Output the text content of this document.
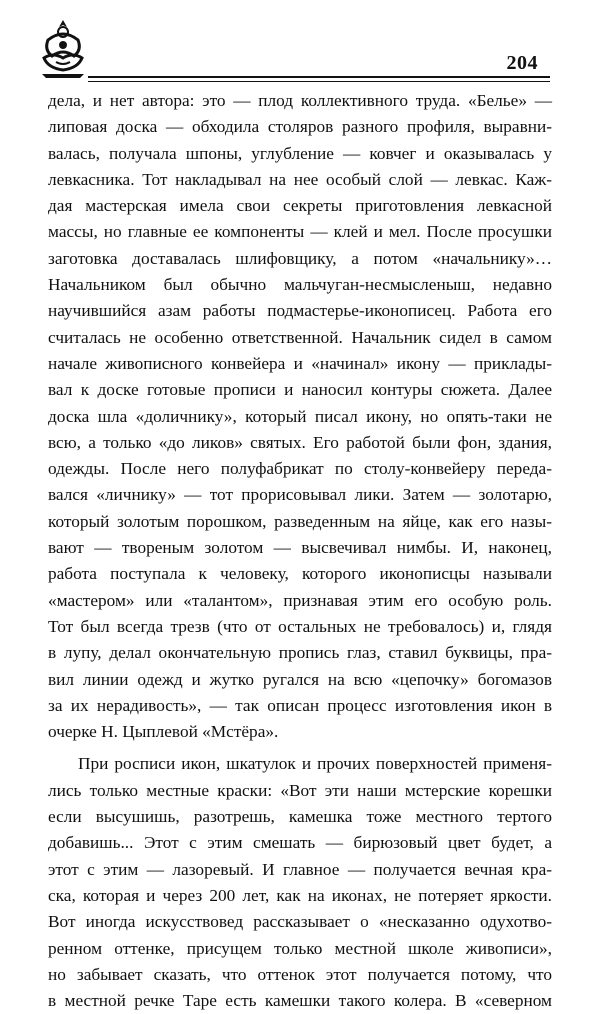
204

дела, и нет автора: это — плод коллективного труда. «Белье» —
липовая доска — обходила столяров разного профиля, выравни-
валась, получала шпоны, углубление — ковчег и оказывалась у
левкасника. Тот накладывал на нее особый слой — левкас. Каж-
дая мастерская имела свои секреты приготовления левкасной
массы, но главные ее компоненты — клей и мел. После просушки
заготовка доставалась шлифовщику, а потом «начальнику»…
Начальником был обычно мальчуган-несмысленыш, недавно
научившийся азам работы подмастерье-иконописец. Работа его
считалась не особенно ответственной. Начальник сидел в самом
начале живописного конвейера и «начинал» икону — приклады-
вал к доске готовые прописи и наносил контуры сюжета. Далее
доска шла «доличнику», который писал икону, но опять-таки не
всю, а только «до ликов» святых. Его работой были фон, здания,
одежды. После него полуфабрикат по столу-конвейеру переда-
вался «личнику» — тот прорисовывал лики. Затем — золотарю,
который золотым порошком, разведенным на яйце, как его назы-
вают — твореным золотом — высвечивал нимбы. И, наконец,
работа поступала к человеку, которого иконописцы называли
«мастером» или «талантом», признавая этим его особую роль.
Тот был всегда трезв (что от остальных не требовалось) и, глядя
в лупу, делал окончательную пропись глаз, ставил буквицы, пра-
вил линии одежд и жутко ругался на всю «цепочку» богомазов
за их нерадивость», — так описан процесс изготовления икон в
очерке Н. Цыплевой «Мстёра».

При росписи икон, шкатулок и прочих поверхностей применя-
лись только местные краски: «Вот эти наши мстерские корешки
если высушишь, разотрешь, камешка тоже местного тертого
добавишь... Этот с этим смешать — бирюзовый цвет будет, а
этот с этим — лазоревый. И главное — получается вечная кра-
ска, которая и через 200 лет, как на иконах, не потеряет яркости.
Вот иногда искусствовед рассказывает о «несказанно одухотво-
ренном оттенке, присущем только местной школе живописи»,
но забывает сказать, что оттенок этот получается потому, что
в местной речке Таре есть камешки такого колера. В «северном
